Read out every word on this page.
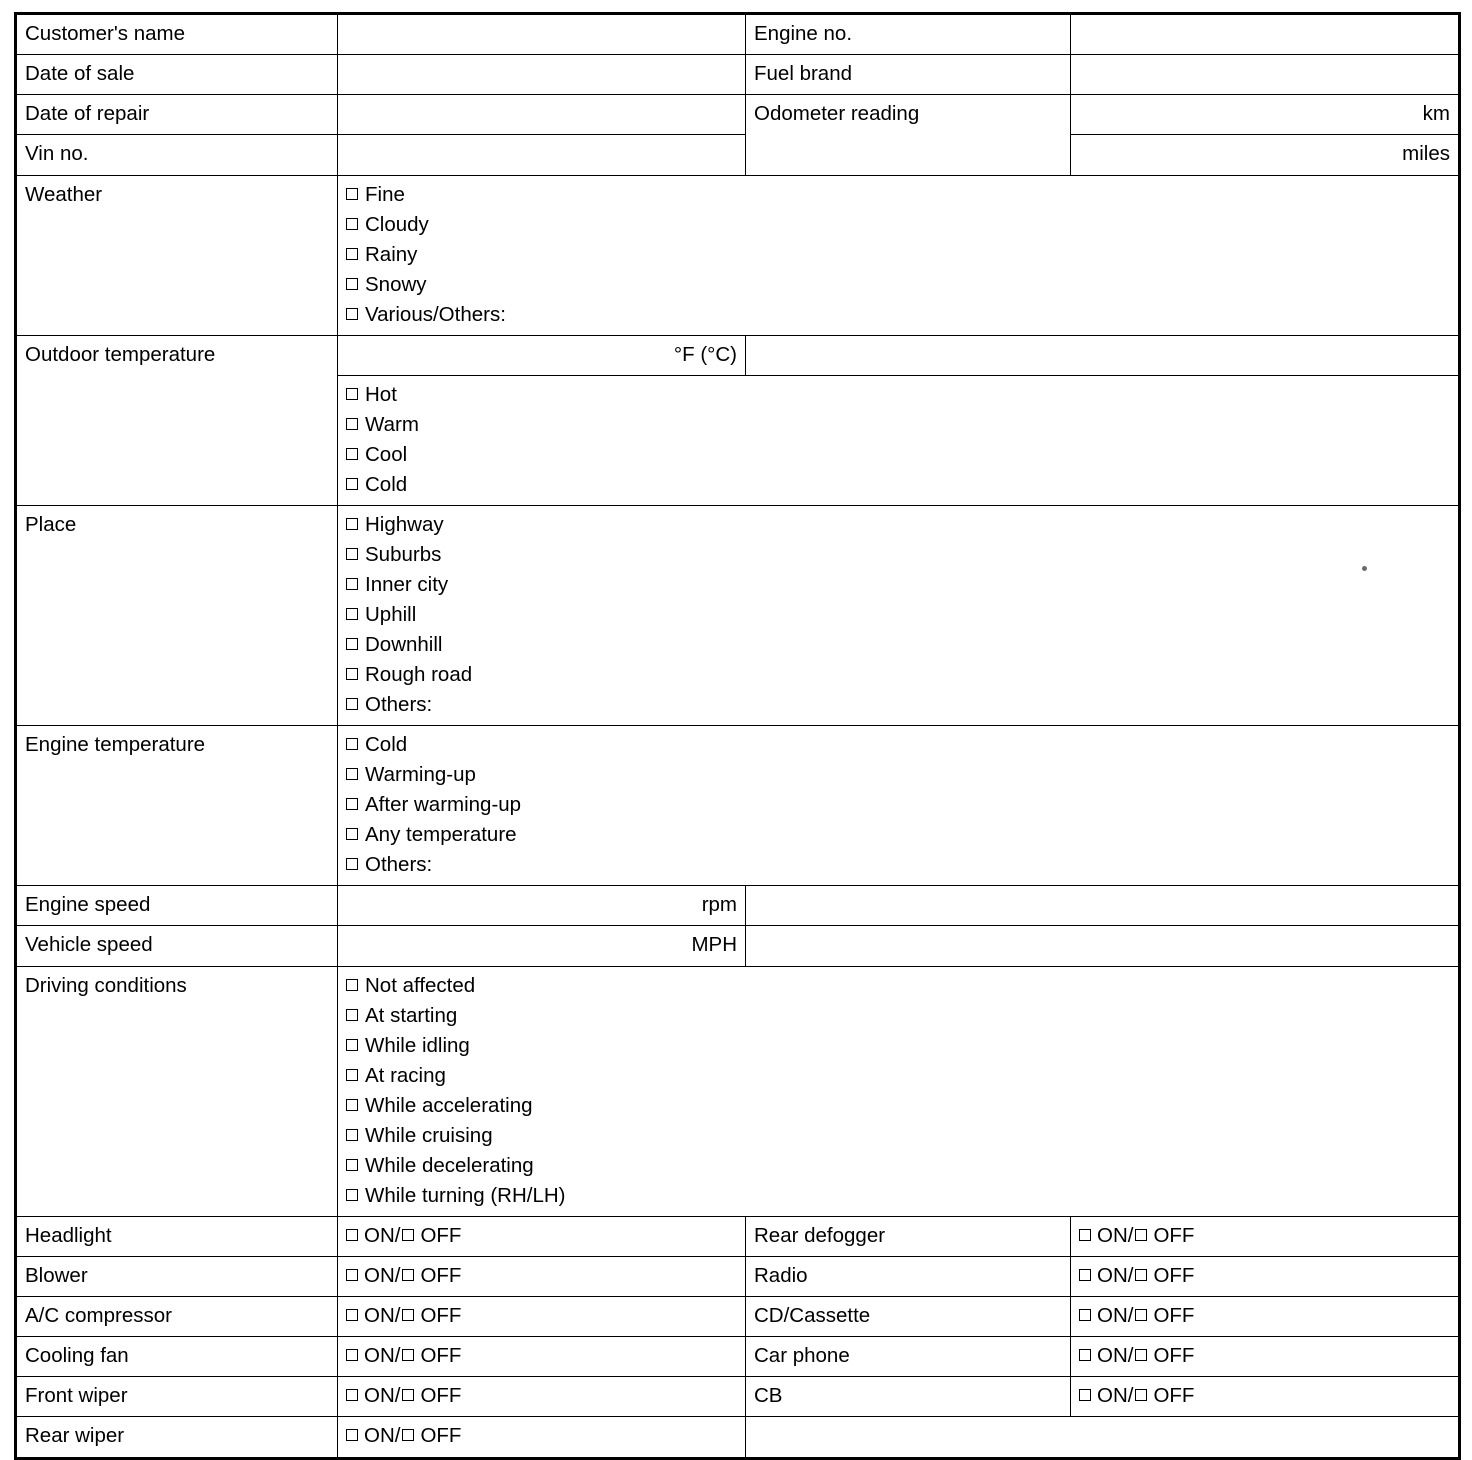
Customer's name		Engine no.	
Date of sale		Fuel brand	
Date of repair		Odometer reading	km
Vin no.			miles
Weather	Fine
Cloudy
Rainy
Snowy
Various/Others:		

Outdoor temperature	°F (°C)		

	Hot
Warm
Cool
Cold		

Place	Highway
Suburbs
Inner city
Uphill
Downhill
Rough road
Others:

Engine temperature	Cold
Warming-up
After warming-up
Any temperature
Others:		

Engine speed	rpm		
Vehicle speed	MPH		
Driving conditions	Not affected
At starting
While idling
At racing
While accelerating
While cruising
While decelerating
While turning (RH/LH)

Headlight	ON/ OFF	Rear defogger	ON/ OFF
Blower	ON/ OFF	Radio	ON/ OFF
A/C compressor	ON/ OFF	CD/Cassette	ON/ OFF
Cooling fan	ON/ OFF	Car phone	ON/ OFF
Front wiper	ON/ OFF	CB	ON/ OFF
Rear wiper	ON/ OFF		
